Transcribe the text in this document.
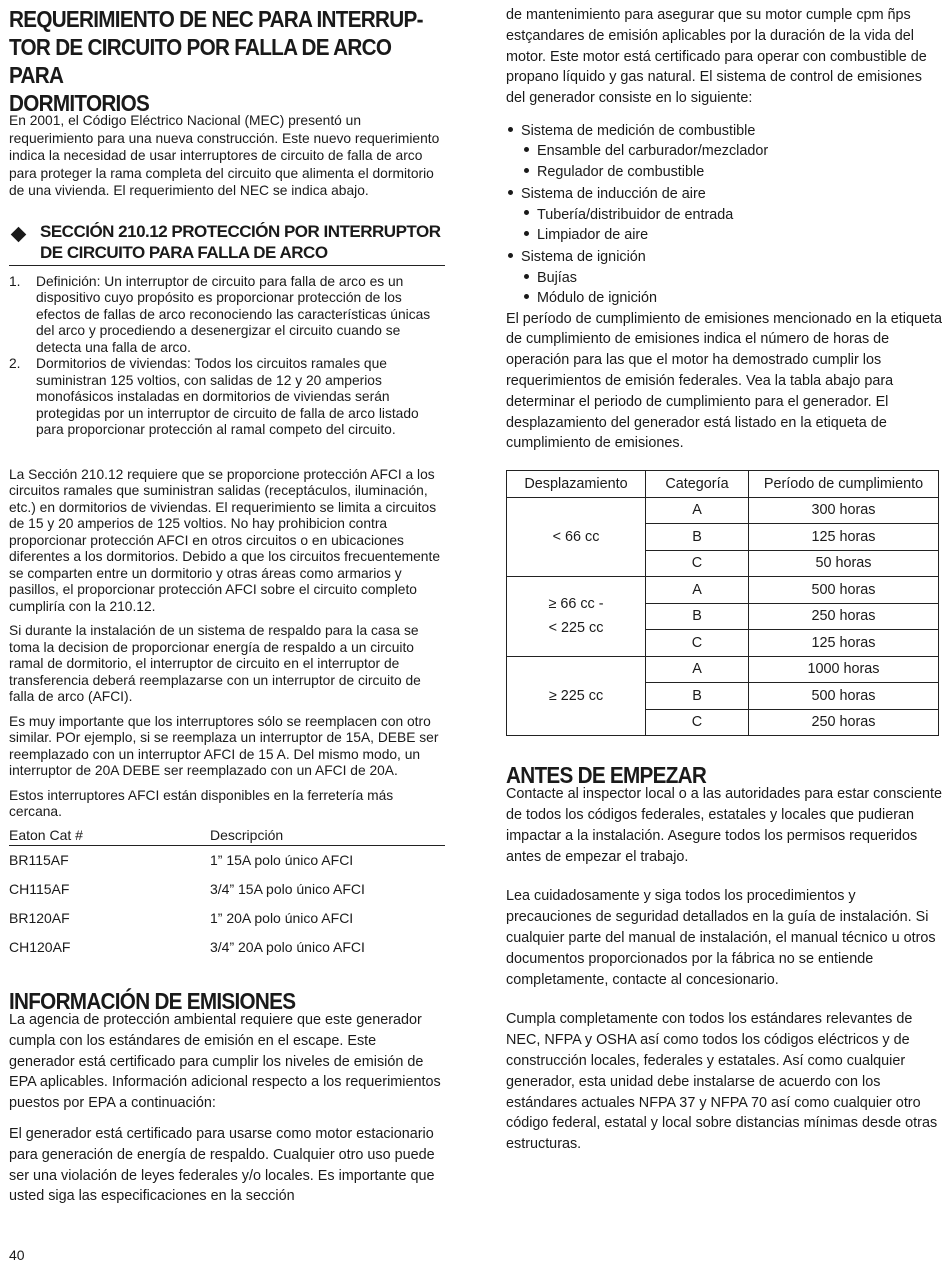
REQUERIMIENTO DE NEC PARA INTERRUP-
TOR DE CIRCUITO POR FALLA DE ARCO PARA
DORMITORIOS

En 2001, el Código Eléctrico Nacional (MEC) presentó un requerimiento para una nueva construcción. Este nuevo requerimiento indica la necesidad de usar interruptores de circuito de falla de arco para proteger la rama completa del circuito que alimenta el dormitorio de una vivienda. El requerimiento del NEC se indica abajo.

SECCIÓN 210.12 PROTECCIÓN POR INTERRUPTOR DE CIRCUITO PARA FALLA DE ARCO
1.	Definición: Un interruptor de circuito para falla de arco es un dispositivo cuyo propósito es proporcionar protección de los efectos de fallas de arco reconociendo las características únicas del arco y procediendo a desenergizar el circuito cuando se detecta una falla de arco.
2.	Dormitorios de viviendas: Todos los circuitos ramales que suministran 125 voltios, con salidas de 12 y 20 amperios monofásicos instaladas en dormitorios de viviendas serán protegidas por un interruptor de circuito de falla de arco listado para proporcionar protección al ramal competo del circuito.

La Sección 210.12 requiere que se proporcione protección AFCI a los circuitos ramales que suministran salidas (receptáculos, iluminación, etc.) en dormitorios de viviendas. El requerimiento se limita a circuitos de 15 y 20 amperios de 125 voltios. No hay prohibicion contra proporcionar protección AFCI en otros circuitos o en ubicaciones diferentes a los dormitorios. Debido a que los circuitos frecuentemente se comparten entre un dormitorio y otras áreas como armarios y pasillos, el proporcionar protección AFCI sobre el circuito completo cumpliría con la 210.12.

Si durante la instalación de un sistema de respaldo para la casa se toma la decision de proporcionar energía de respaldo a un circuito ramal de dormitorio, el interruptor de circuito en el interruptor de transferencia deberá reemplazarse con un interruptor de circuito de falla de arco (AFCI).

Es muy importante que los interruptores sólo se reemplacen con otro similar. POr ejemplo, si se reemplaza un interruptor de 15A, DEBE ser reemplazado con un interruptor AFCI de 15 A. Del mismo modo, un interruptor de 20A DEBE ser reemplazado con un AFCI de 20A.

Estos interruptores AFCI están disponibles en la ferretería más cercana.

Eaton Cat #	Descripción
BR115AF	1” 15A polo único AFCI
CH115AF	3/4” 15A polo único AFCI
BR120AF	1” 20A polo único AFCI
CH120AF	3/4” 20A polo único AFCI
INFORMACIÓN DE EMISIONES

La agencia de protección ambiental requiere que este generador cumpla con los estándares de emisión en el escape. Este generador está certificado para cumplir los niveles de emisión de EPA aplicables. Información adicional respecto a los requerimientos puestos por EPA a continuación:

El generador está certificado para usarse como motor estacionario para generación de energía de respaldo. Cualquier otro uso puede ser una violación de leyes federales y/o locales. Es importante que usted siga las especificaciones en la sección

de mantenimiento para asegurar que su motor cumple cpm ñps estçandares de emisión aplicables por la duración de la vida del motor. Este motor está certificado para operar con combustible de propano líquido y gas natural. El sistema de control de emisiones del generador consiste en lo siguiente:

Sistema de medición de combustible
Ensamble del carburador/mezclador
Regulador de combustible
Sistema de inducción de aire
Tubería/distribuidor de entrada
Limpiador de aire
Sistema de ignición
Bujías
Módulo de ignición

El período de cumplimiento de emisiones mencionado en la etiqueta de cumplimiento de emisiones indica el número de horas de operación para las que el motor ha demostrado cumplir los requerimientos de emisión federales. Vea la tabla abajo para determinar el periodo de cumplimiento para el generador. El desplazamiento del generador está listado en la etiqueta de cumplimiento de emisiones.

Desplazamiento	Categoría	Período de cumplimiento
< 66 cc	A	300 horas
	B	125 horas
	C	50 horas
≥ 66 cc -
< 225 cc	A	500 horas
	B	250 horas
	C	125 horas
≥ 225 cc	A	1000 horas
	B	500 horas
	C	250 horas
ANTES DE EMPEZAR

Contacte al inspector local o a las autoridades para estar consciente de todos los códigos federales, estatales y locales que pudieran impactar a la instalación. Asegure todos los permisos requeridos antes de empezar el trabajo.

Lea cuidadosamente y siga todos los procedimientos y precauciones de seguridad detallados en la guía de instalación. Si cualquier parte del manual de instalación, el manual técnico u otros documentos proporcionados por la fábrica no se entiende completamente, contacte al concesionario.

Cumpla completamente con todos los estándares relevantes de NEC, NFPA y OSHA así como todos los códigos eléctricos y de construcción locales, federales y estatales. Así como cualquier generador, esta unidad debe instalarse de acuerdo con los estándares actuales NFPA 37 y NFPA 70 así como cualquier otro código federal, estatal y local sobre distancias mínimas desde otras estructuras.

40
